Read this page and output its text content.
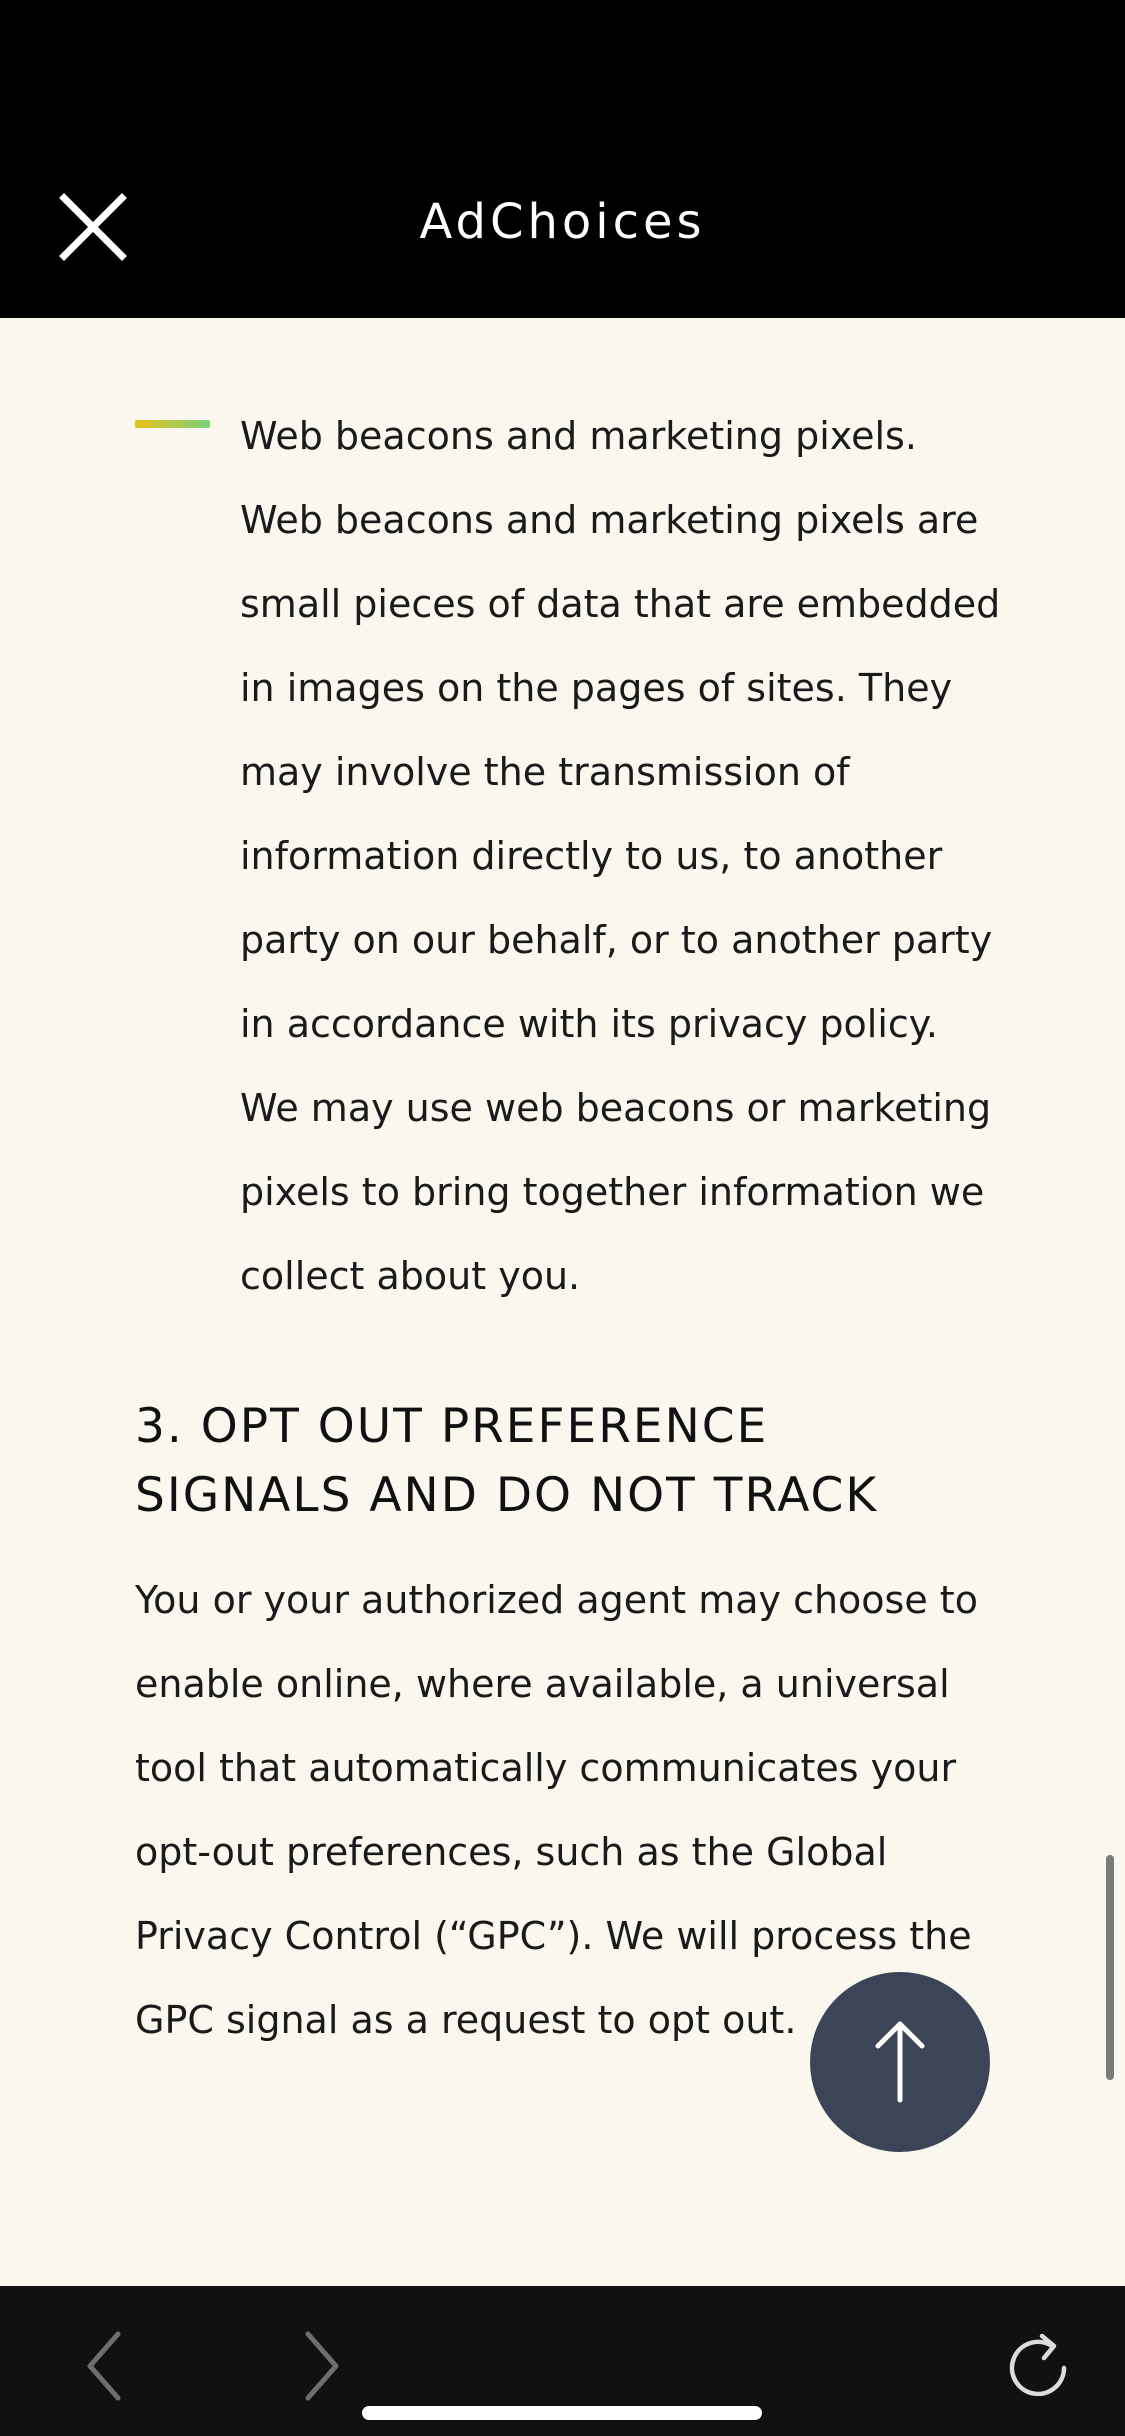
AdChoices
Web beacons and marketing pixels.
Web beacons and marketing pixels are
small pieces of data that are embedded
in images on the pages of sites. They
may involve the transmission of
information directly to us, to another
party on our behalf, or to another party
in accordance with its privacy policy.
We may use web beacons or marketing
pixels to bring together information we
collect about you.
3. OPT OUT PREFERENCE
SIGNALS AND DO NOT TRACK
You or your authorized agent may choose to
enable online, where available, a universal
tool that automatically communicates your
opt-out preferences, such as the Global
Privacy Control (“GPC”). We will process the
GPC signal as a request to opt out.
